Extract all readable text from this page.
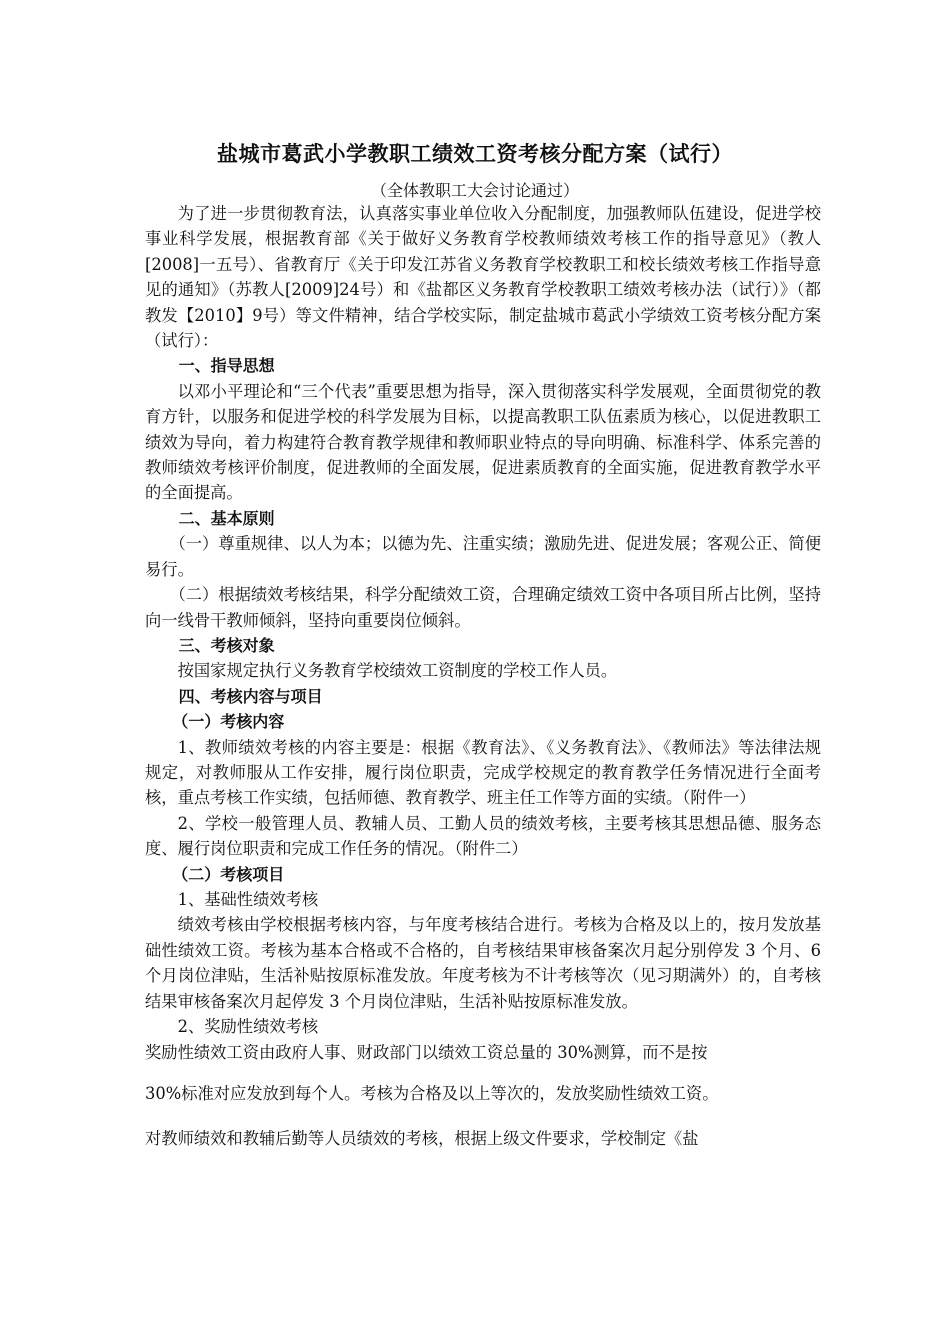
盐城市葛武小学教职工绩效工资考核分配方案（试行）
（全体教职工大会讨论通过）

为了进一步贯彻教育法，认真落实事业单位收入分配制度，加强教师队伍建设，促进学校事业科学发展，根据教育部《关于做好义务教育学校教师绩效考核工作的指导意见》（教人[2008]一五号）、省教育厅《关于印发江苏省义务教育学校教职工和校长绩效考核工作指导意见的通知》（苏教人[2009]24号）和《盐都区义务教育学校教职工绩效考核办法（试行）》（都教发【2010】9号）等文件精神，结合学校实际，制定盐城市葛武小学绩效工资考核分配方案（试行）：

一、指导思想

以邓小平理论和“三个代表”重要思想为指导，深入贯彻落实科学发展观，全面贯彻党的教育方针，以服务和促进学校的科学发展为目标，以提高教职工队伍素质为核心，以促进教职工绩效为导向，着力构建符合教育教学规律和教师职业特点的导向明确、标准科学、体系完善的教师绩效考核评价制度，促进教师的全面发展，促进素质教育的全面实施，促进教育教学水平的全面提高。

二、基本原则

（一）尊重规律、以人为本；以德为先、注重实绩；激励先进、促进发展；客观公正、简便易行。

（二）根据绩效考核结果，科学分配绩效工资，合理确定绩效工资中各项目所占比例，坚持向一线骨干教师倾斜，坚持向重要岗位倾斜。

三、考核对象

按国家规定执行义务教育学校绩效工资制度的学校工作人员。

四、考核内容与项目

（一）考核内容

1、教师绩效考核的内容主要是：根据《教育法》、《义务教育法》、《教师法》等法律法规规定，对教师服从工作安排，履行岗位职责，完成学校规定的教育教学任务情况进行全面考核，重点考核工作实绩，包括师德、教育教学、班主任工作等方面的实绩。（附件一）

2、学校一般管理人员、教辅人员、工勤人员的绩效考核，主要考核其思想品德、服务态度、履行岗位职责和完成工作任务的情况。（附件二）

（二）考核项目

1、基础性绩效考核

绩效考核由学校根据考核内容，与年度考核结合进行。考核为合格及以上的，按月发放基础性绩效工资。考核为基本合格或不合格的，自考核结果审核备案次月起分别停发 3 个月、6 个月岗位津贴，生活补贴按原标准发放。年度考核为不计考核等次（见习期满外）的，自考核结果审核备案次月起停发 3 个月岗位津贴，生活补贴按原标准发放。

2、奖励性绩效考核

奖励性绩效工资由政府人事、财政部门以绩效工资总量的 30%测算，而不是按

30%标准对应发放到每个人。考核为合格及以上等次的，发放奖励性绩效工资。

对教师绩效和教辅后勤等人员绩效的考核，根据上级文件要求，学校制定《盐
